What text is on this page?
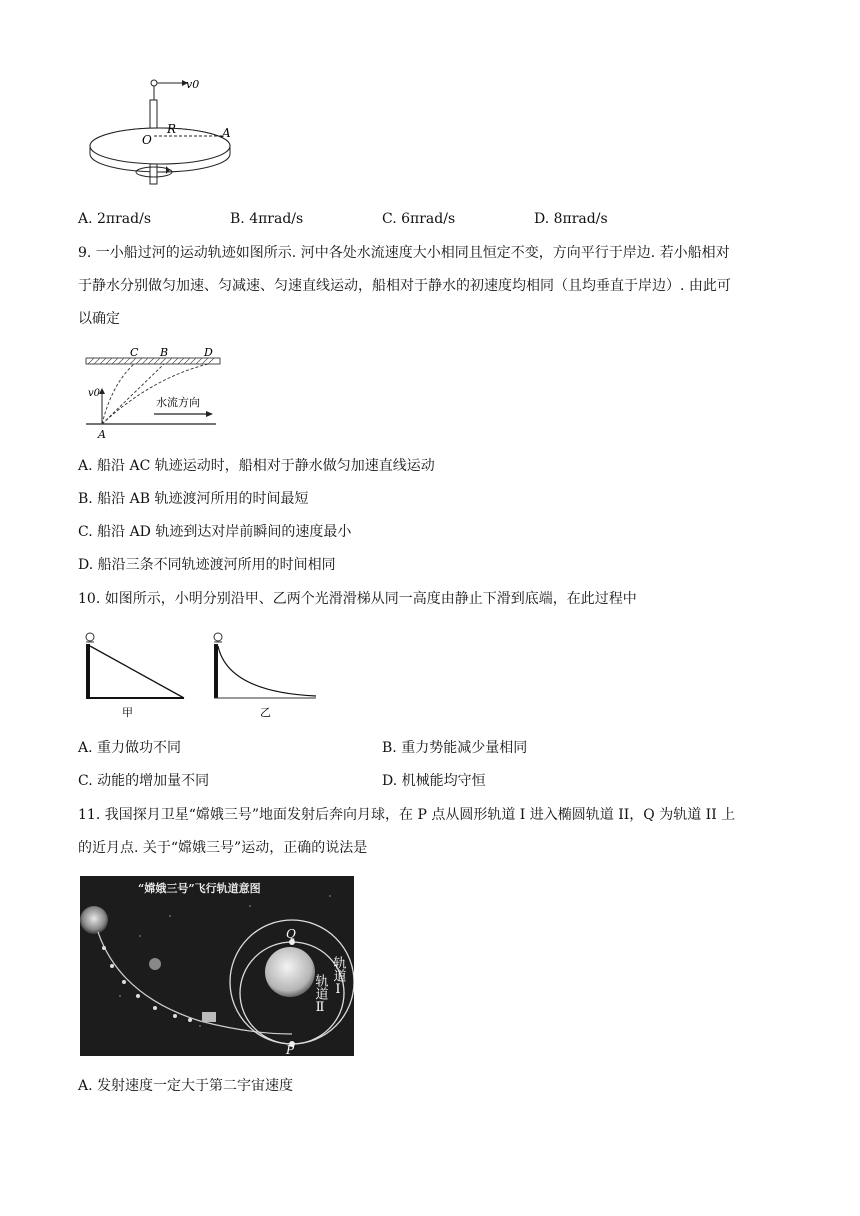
v0
O
R	A
A. 2πrad/s	B. 4πrad/s	C. 6πrad/s	D. 8πrad/s
9. 一小船过河的运动轨迹如图所示. 河中各处水流速度大小相同且恒定不变，方向平行于岸边. 若小船相对
于静水分别做匀加速、匀减速、匀速直线运动，船相对于静水的初速度均相同（且均垂直于岸边）. 由此可
以确定
C B	D
v0
A
水流方向
A. 船沿 AC 轨迹运动时，船相对于静水做匀加速直线运动
B. 船沿 AB 轨迹渡河所用的时间最短
C. 船沿 AD 轨迹到达对岸前瞬间的速度最小
D. 船沿三条不同轨迹渡河所用的时间相同
10. 如图所示，小明分别沿甲、乙两个光滑滑梯从同一高度由静止下滑到底端，在此过程中
甲	乙
A. 重力做功不同	B. 重力势能减少量相同
C. 动能的增加量不同	D. 机械能均守恒
11. 我国探月卫星“嫦娥三号”地面发射后奔向月球，在 P 点从圆形轨道 I 进入椭圆轨道 II，Q 为轨道 II 上
的近月点. 关于“嫦娥三号”运动，正确的说法是
“嫦娥三号”飞行轨道意图
Q
P
轨道Ⅰ
轨道Ⅱ
A. 发射速度一定大于第二宇宙速度
